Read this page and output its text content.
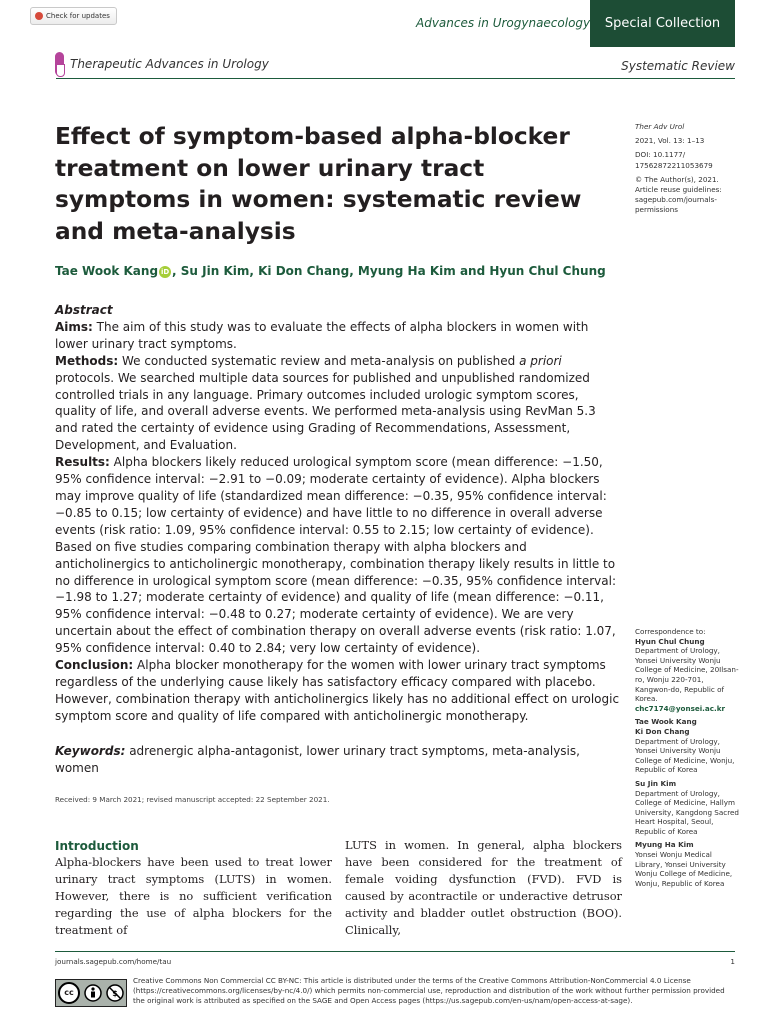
Check for updates	Advances in Urogynaecology	Special Collection
Therapeutic Advances in Urology	Systematic Review
Effect of symptom-based alpha-blocker treatment on lower urinary tract symptoms in women: systematic review and meta-analysis
Ther Adv Urol
2021, Vol. 13: 1–13
DOI: 10.1177/
17562872211053679
© The Author(s), 2021.
Article reuse guidelines:
sagepub.com/journals-
permissions
Tae Wook Kang iD , Su Jin Kim, Ki Don Chang, Myung Ha Kim and Hyun Chul Chung

Abstract

Aims: The aim of this study was to evaluate the effects of alpha blockers in women with lower urinary tract symptoms.

Methods: We conducted systematic review and meta-analysis on published a priori protocols. We searched multiple data sources for published and unpublished randomized controlled trials in any language. Primary outcomes included urologic symptom scores, quality of life, and overall adverse events. We performed meta-analysis using RevMan 5.3 and rated the certainty of evidence using Grading of Recommendations, Assessment, Development, and Evaluation.

Results: Alpha blockers likely reduced urological symptom score (mean difference: −1.50, 95% confidence interval: −2.91 to −0.09; moderate certainty of evidence). Alpha blockers may improve quality of life (standardized mean difference: −0.35, 95% confidence interval: −0.85 to 0.15; low certainty of evidence) and have little to no difference in overall adverse events (risk ratio: 1.09, 95% confidence interval: 0.55 to 2.15; low certainty of evidence). Based on five studies comparing combination therapy with alpha blockers and anticholinergics to anticholinergic monotherapy, combination therapy likely results in little to no difference in urological symptom score (mean difference: −0.35, 95% confidence interval: −1.98 to 1.27; moderate certainty of evidence) and quality of life (mean difference: −0.11, 95% confidence interval: −0.48 to 0.27; moderate certainty of evidence). We are very uncertain about the effect of combination therapy on overall adverse events (risk ratio: 1.07, 95% confidence interval: 0.40 to 2.84; very low certainty of evidence).

Conclusion: Alpha blocker monotherapy for the women with lower urinary tract symptoms regardless of the underlying cause likely has satisfactory efficacy compared with placebo. However, combination therapy with anticholinergics likely has no additional effect on urologic symptom score and quality of life compared with anticholinergic monotherapy.

Keywords: adrenergic alpha-antagonist, lower urinary tract symptoms, meta-analysis, women
Received: 9 March 2021; revised manuscript accepted: 22 September 2021.
Introduction
Alpha-blockers have been used to treat lower urinary tract symptoms (LUTS) in women. However, there is no sufficient verification regarding the use of alpha blockers for the treatment of
LUTS in women. In general, alpha blockers have been considered for the treatment of female voiding dysfunction (FVD). FVD is caused by acontractile or underactive detrusor activity and bladder outlet obstruction (BOO). Clinically,

Correspondence to:
Hyun Chul Chung
Department of Urology, Yonsei University Wonju College of Medicine, 20Ilsan-ro, Wonju 220-701, Kangwon-do, Republic of Korea.
chc7174@yonsei.ac.kr

Tae Wook Kang
Ki Don Chang
Department of Urology, Yonsei University Wonju College of Medicine, Wonju, Republic of Korea

Su Jin Kim
Department of Urology, College of Medicine, Hallym University, Kangdong Sacred Heart Hospital, Seoul, Republic of Korea

Myung Ha Kim
Yonsei Wonju Medical Library, Yonsei University Wonju College of Medicine, Wonju, Republic of Korea

journals.sagepub.com/home/tau	1
cc	$
Creative Commons Non Commercial CC BY-NC: This article is distributed under the terms of the Creative Commons Attribution-NonCommercial 4.0 License (https://creativecommons.org/licenses/by-nc/4.0/) which permits non-commercial use, reproduction and distribution of the work without further permission provided the original work is attributed as specified on the SAGE and Open Access pages (https://us.sagepub.com/en-us/nam/open-access-at-sage).
